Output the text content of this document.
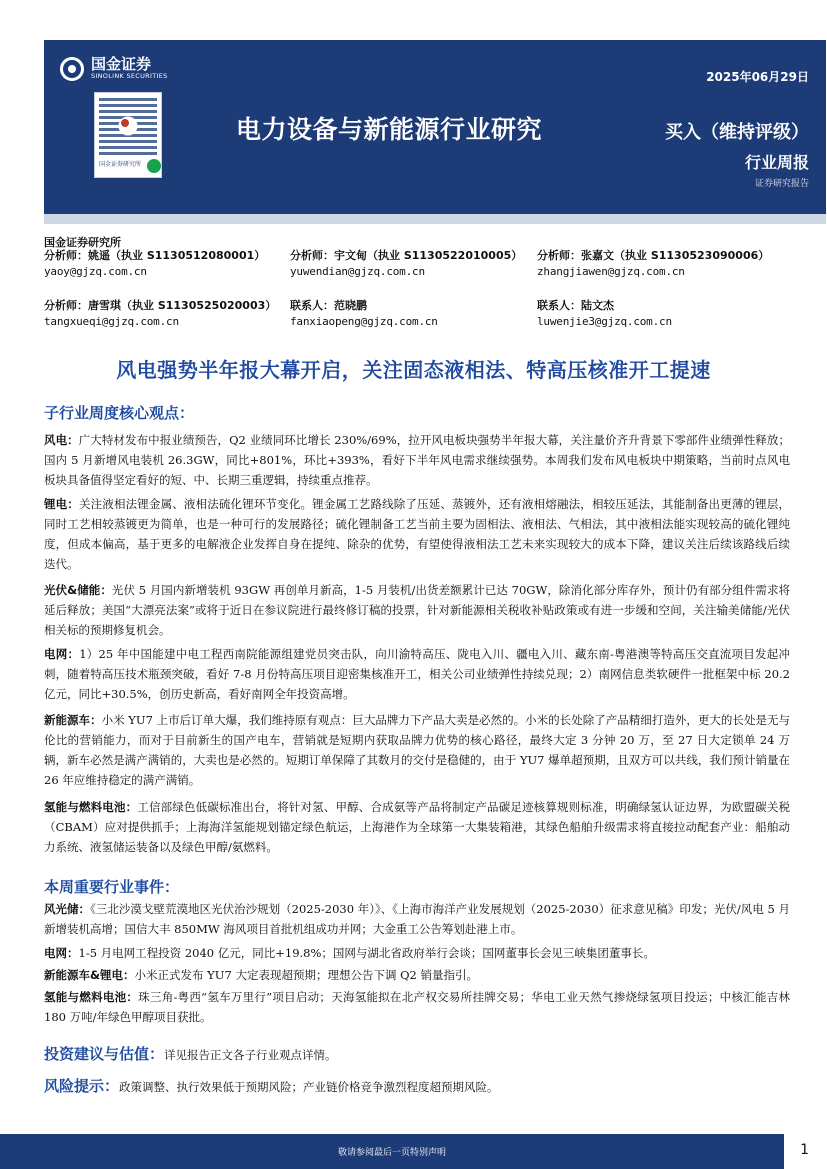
国金证券
SINOLINK SECURITIES
国金证券研究所
2025年06月29日
电力设备与新能源行业研究	买入（维持评级）
行业周报
证券研究报告
国金证券研究所
分析师：姚遥（执业 S1130512080001）
yaoy@gjzq.com.cn
分析师：宇文甸（执业 S1130522010005）
yuwendian@gjzq.com.cn
分析师：张嘉文（执业 S1130523090006）
zhangjiawen@gjzq.com.cn
分析师：唐雪琪（执业 S1130525020003）
tangxueqi@gjzq.com.cn
联系人：范晓鹏
fanxiaopeng@gjzq.com.cn
联系人：陆文杰
luwenjie3@gjzq.com.cn
风电强势半年报大幕开启，关注固态液相法、特高压核准开工提速
子行业周度核心观点：
风电：广大特材发布中报业绩预告，Q2 业绩同环比增长 230%/69%，拉开风电板块强势半年报大幕，关注量价齐升背景下零部件业绩弹性释放；国内 5 月新增风电装机 26.3GW，同比+801%，环比+393%，看好下半年风电需求继续强势。本周我们发布风电板块中期策略，当前时点风电板块具备值得坚定看好的短、中、长期三重逻辑，持续重点推荐。
锂电：关注液相法锂金属、液相法硫化锂环节变化。锂金属工艺路线除了压延、蒸镀外，还有液相熔融法，相较压延法，其能制备出更薄的锂层，同时工艺相较蒸镀更为简单，也是一种可行的发展路径；硫化锂制备工艺当前主要为固相法、液相法、气相法，其中液相法能实现较高的硫化锂纯度，但成本偏高，基于更多的电解液企业发挥自身在提纯、除杂的优势，有望使得液相法工艺未来实现较大的成本下降，建议关注后续该路线后续迭代。
光伏&储能：光伏 5 月国内新增装机 93GW 再创单月新高，1-5 月装机/出货差额累计已达 70GW，除消化部分库存外，预计仍有部分组件需求将延后释放；美国“大漂亮法案”或将于近日在参议院进行最终修订稿的投票，针对新能源相关税收补贴政策或有进一步缓和空间，关注输美储能/光伏相关标的预期修复机会。
电网：1）25 年中国能建中电工程西南院能源组建党员突击队，向川渝特高压、陇电入川、疆电入川、藏东南-粤港澳等特高压交直流项目发起冲刺，随着特高压技术瓶颈突破，看好 7-8 月份特高压项目迎密集核准开工，相关公司业绩弹性持续兑现；2）南网信息类软硬件一批框架中标 20.2 亿元，同比+30.5%，创历史新高，看好南网全年投资高增。
新能源车：小米 YU7 上市后订单大爆，我们维持原有观点：巨大品牌力下产品大卖是必然的。小米的长处除了产品精细打造外，更大的长处是无与伦比的营销能力，而对于目前新生的国产电车，营销就是短期内获取品牌力优势的核心路径，最终大定 3 分钟 20 万，至 27 日大定锁单 24 万辆，新车必然是满产满销的，大卖也是必然的。短期订单保障了其数月的交付是稳健的，由于 YU7 爆单超预期，且双方可以共线，我们预计销量在 26 年应维持稳定的满产满销。
氢能与燃料电池：工信部绿色低碳标准出台，将针对氢、甲醇、合成氨等产品将制定产品碳足迹核算规则标准，明确绿氢认证边界，为欧盟碳关税（CBAM）应对提供抓手；上海海洋氢能规划锚定绿色航运，上海港作为全球第一大集装箱港，其绿色船舶升级需求将直接拉动配套产业：船舶动力系统、液氢储运装备以及绿色甲醇/氨燃料。
本周重要行业事件：
风光储：《三北沙漠戈壁荒漠地区光伏治沙规划（2025-2030 年）》、《上海市海洋产业发展规划（2025-2030）征求意见稿》印发；光伏/风电 5 月新增装机高增；国信大丰 850MW 海风项目首批机组成功并网；大金重工公告筹划赴港上市。
电网：1-5 月电网工程投资 2040 亿元，同比+19.8%；国网与湖北省政府举行会谈；国网董事长会见三峡集团董事长。
新能源车&锂电：小米正式发布 YU7 大定表现超预期；理想公告下调 Q2 销量指引。
氢能与燃料电池：珠三角-粤西“氢车万里行”项目启动；天海氢能拟在北产权交易所挂牌交易；华电工业天然气掺烧绿氢项目投运；中核汇能吉林 180 万吨/年绿色甲醇项目获批。
投资建议与估值：详见报告正文各子行业观点详情。
风险提示：政策调整、执行效果低于预期风险；产业链价格竞争激烈程度超预期风险。
敬请参阅最后一页特别声明	1
